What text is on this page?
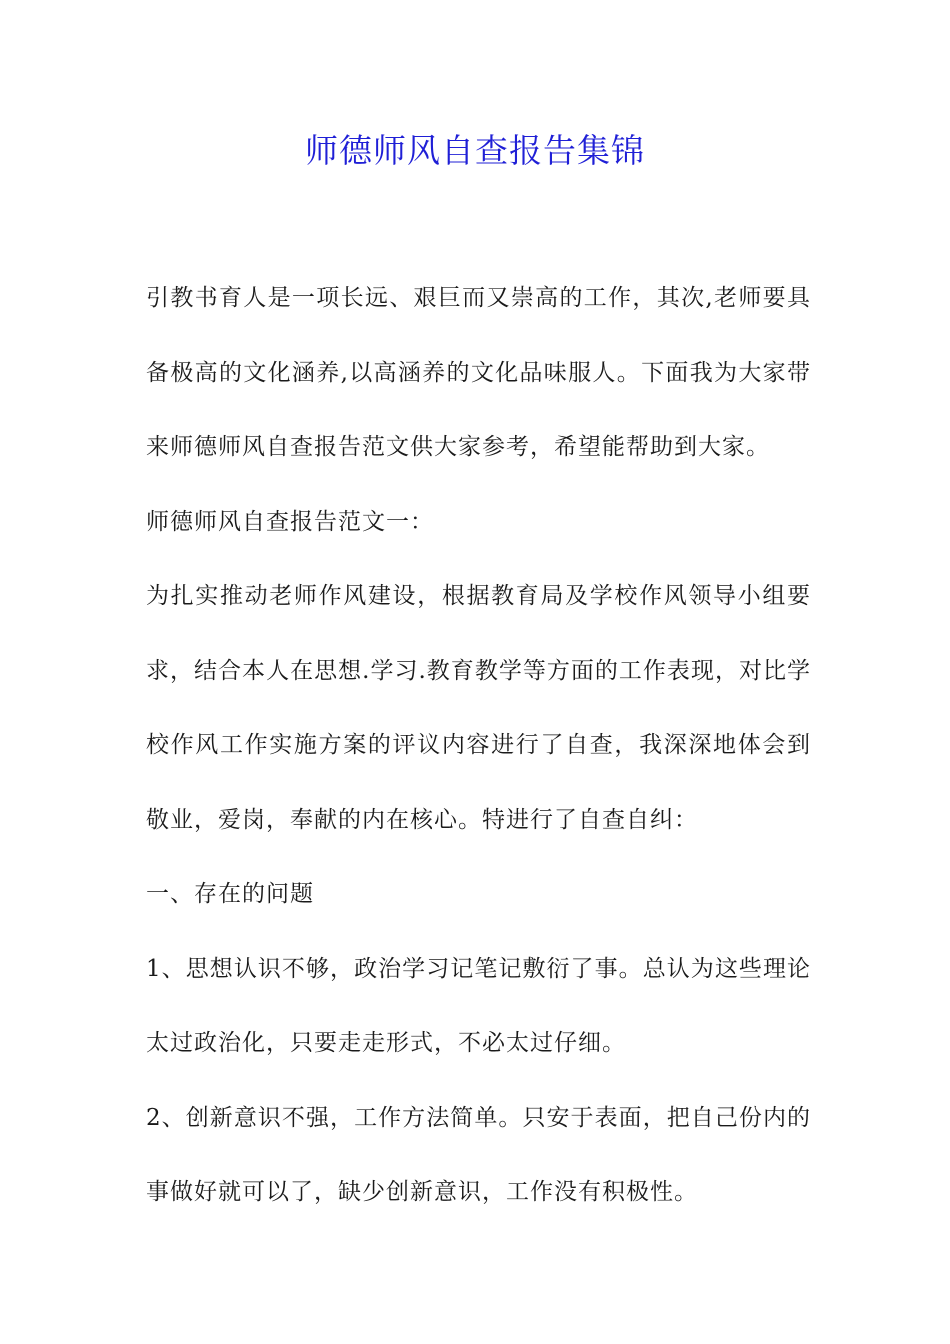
师德师风自查报告集锦

引教书育人是一项长远、艰巨而又崇高的工作，其次,老师要具备极高的文化涵养,以高涵养的文化品味服人。下面我为大家带来师德师风自查报告范文供大家参考，希望能帮助到大家。

师德师风自查报告范文一：

为扎实推动老师作风建设，根据教育局及学校作风领导小组要求，结合本人在思想.学习.教育教学等方面的工作表现，对比学校作风工作实施方案的评议内容进行了自查，我深深地体会到敬业，爱岗，奉献的内在核心。特进行了自查自纠：

一、存在的问题

1、思想认识不够，政治学习记笔记敷衍了事。总认为这些理论太过政治化，只要走走形式，不必太过仔细。

2、创新意识不强，工作方法简单。只安于表面，把自己份内的事做好就可以了，缺少创新意识，工作没有积极性。
